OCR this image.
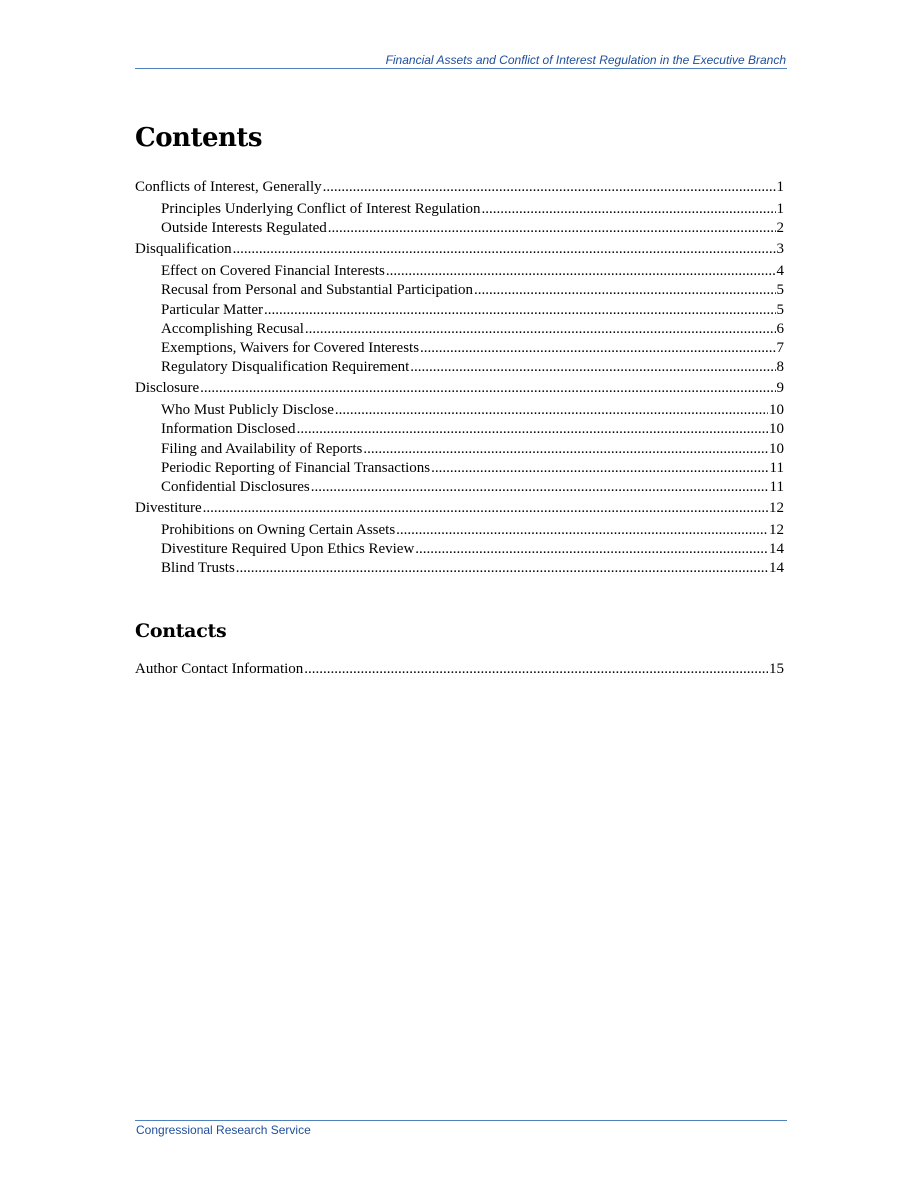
Financial Assets and Conflict of Interest Regulation in the Executive Branch
Contents
Conflicts of Interest, Generally .....	1
Principles Underlying Conflict of Interest Regulation .....	1
Outside Interests Regulated .....	2
Disqualification .....	3
Effect on Covered Financial Interests .....	4
Recusal from Personal and Substantial Participation .....	5
Particular Matter .....	5
Accomplishing Recusal .....	6
Exemptions, Waivers for Covered Interests .....	7
Regulatory Disqualification Requirement .....	8
Disclosure .....	9
Who Must Publicly Disclose .....	10
Information Disclosed .....	10
Filing and Availability of Reports .....	10
Periodic Reporting of Financial Transactions .....	11
Confidential Disclosures .....	11
Divestiture .....	12
Prohibitions on Owning Certain Assets .....	12
Divestiture Required Upon Ethics Review .....	14
Blind Trusts .....	14
Contacts
Author Contact Information .....	15
Congressional Research Service
